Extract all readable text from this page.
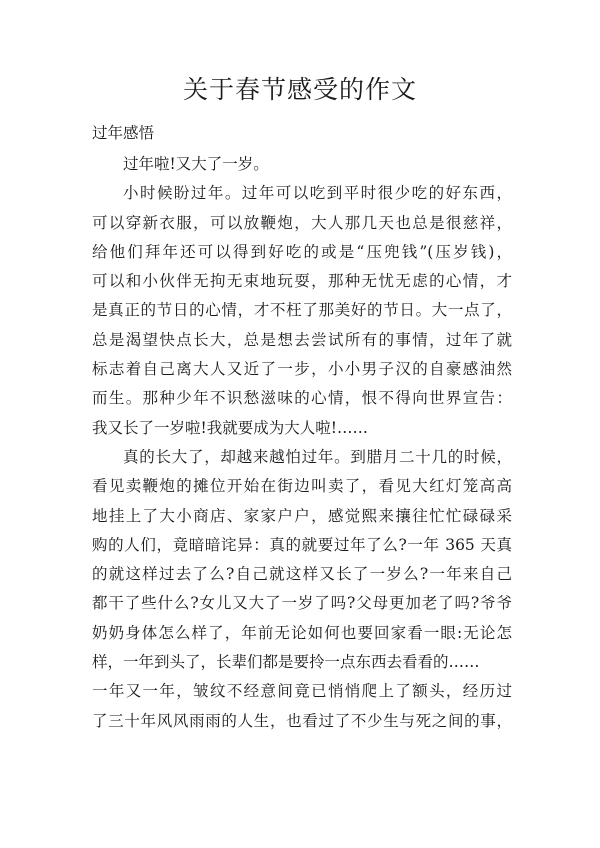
关于春节感受的作文
过年感悟
过年啦!又大了一岁。
小时候盼过年。过年可以吃到平时很少吃的好东西，
可以穿新衣服，可以放鞭炮，大人那几天也总是很慈祥，
给他们拜年还可以得到好吃的或是“压兜钱”(压岁钱)，
可以和小伙伴无拘无束地玩耍，那种无忧无虑的心情，才
是真正的节日的心情，才不枉了那美好的节日。大一点了，
总是渴望快点长大，总是想去尝试所有的事情，过年了就
标志着自己离大人又近了一步，小小男子汉的自豪感油然
而生。那种少年不识愁滋味的心情，恨不得向世界宣告：
我又长了一岁啦!我就要成为大人啦!……
真的长大了，却越来越怕过年。到腊月二十几的时候，
看见卖鞭炮的摊位开始在街边叫卖了，看见大红灯笼高高
地挂上了大小商店、家家户户，感觉熙来攘往忙忙碌碌采
购的人们，竟暗暗诧异：真的就要过年了么?一年 365 天真
的就这样过去了么?自己就这样又长了一岁么?一年来自己
都干了些什么?女儿又大了一岁了吗?父母更加老了吗?爷爷
奶奶身体怎么样了，年前无论如何也要回家看一眼:无论怎
样，一年到头了，长辈们都是要拎一点东西去看看的……
一年又一年，皱纹不经意间竟已悄悄爬上了额头，经历过
了三十年风风雨雨的人生，也看过了不少生与死之间的事，
